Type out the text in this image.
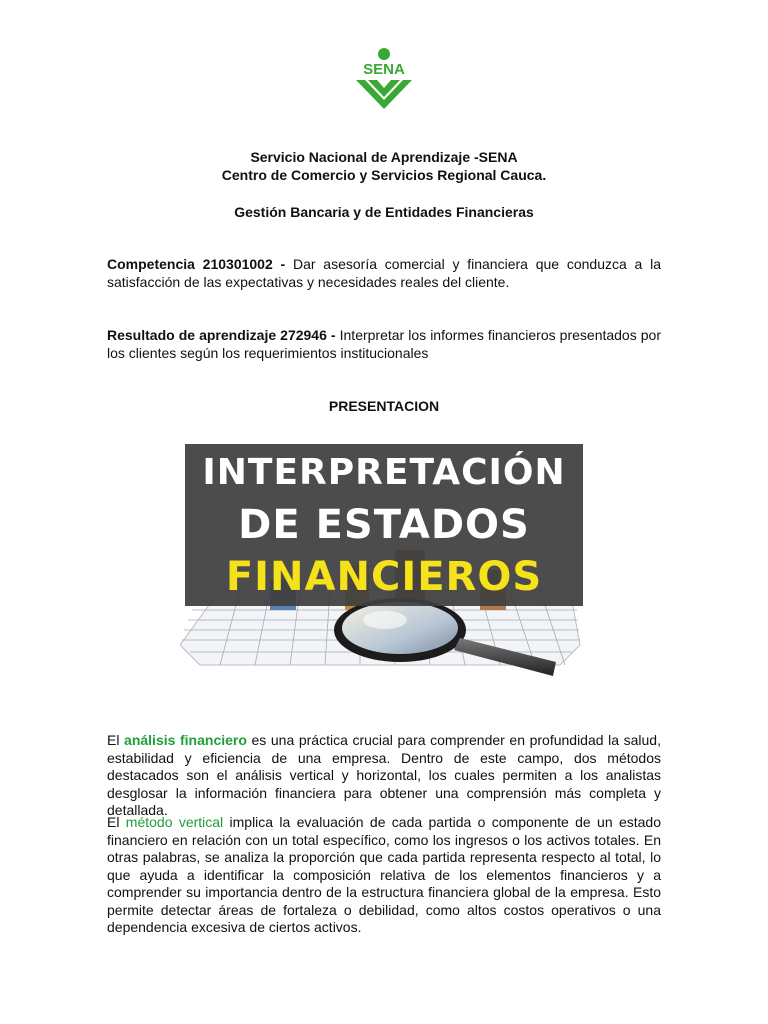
SENA
Servicio Nacional de Aprendizaje -SENA
Centro de Comercio y Servicios Regional Cauca.
Gestión Bancaria y de Entidades Financieras
Competencia 210301002 - Dar asesoría comercial y financiera que conduzca a la satisfacción de las expectativas y necesidades reales del cliente.
Resultado de aprendizaje 272946 - Interpretar los informes financieros presentados por los clientes según los requerimientos institucionales
PRESENTACION
INTERPRETACIÓN
DE ESTADOS
FINANCIEROS
El análisis financiero es una práctica crucial para comprender en profundidad la salud, estabilidad y eficiencia de una empresa. Dentro de este campo, dos métodos destacados son el análisis vertical y horizontal, los cuales permiten a los analistas desglosar la información financiera para obtener una comprensión más completa y detallada.
El método vertical implica la evaluación de cada partida o componente de un estado financiero en relación con un total específico, como los ingresos o los activos totales. En otras palabras, se analiza la proporción que cada partida representa respecto al total, lo que ayuda a identificar la composición relativa de los elementos financieros y a comprender su importancia dentro de la estructura financiera global de la empresa. Esto permite detectar áreas de fortaleza o debilidad, como altos costos operativos o una dependencia excesiva de ciertos activos.
